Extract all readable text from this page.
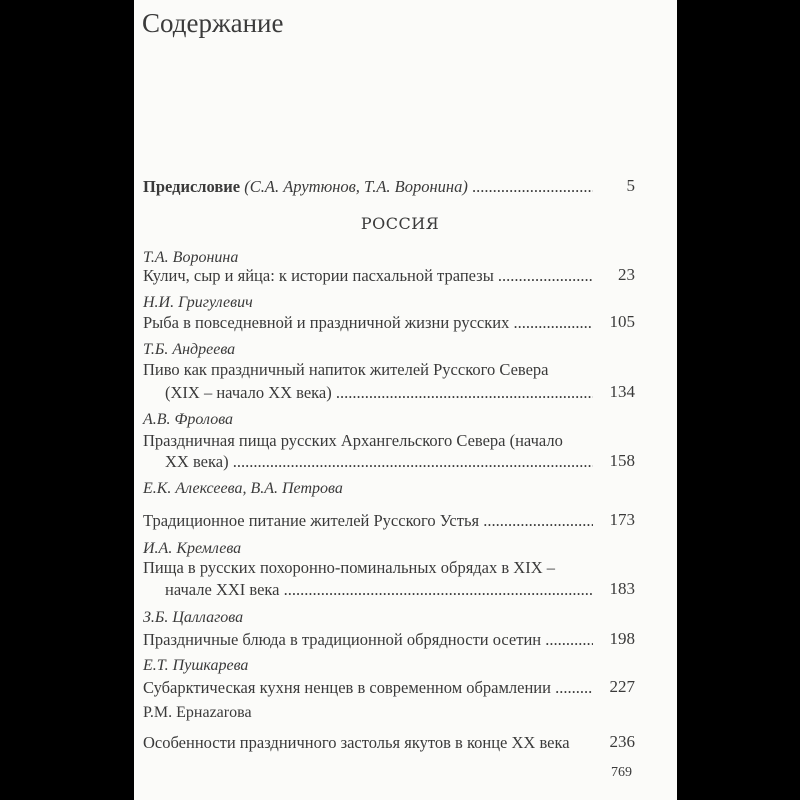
Содержание
Предисловие (С.А. Арутюнов, Т.А. Воронина) .....	5
РОССИЯ
Т.А. Воронина
Кулич, сыр и яйца: к истории пасхальной трапезы .....	23
Н.И. Григулевич
Рыба в повседневной и праздничной жизни русских .....	105
Т.Б. Андреева
Пиво как праздничный напиток жителей Русского Севера
(XIX – начало XX века) .....	134
А.В. Фролова
Праздничная пища русских Архангельского Севера (начало
XX века) .....	158
Е.К. Алексеева, В.А. Петрова
Традиционное питание жителей Русского Устья .....	173
И.А. Кремлева
Пища в русских похоронно-поминальных обрядах в XIX –
начале XXI века .....	183
З.Б. Цаллагова
Праздничные блюда в традиционной обрядности осетин .....	198
Е.Т. Пушкарева
Субарктическая кухня ненцев в современном обрамлении .....	227
Р.М. Ернazarова
Особенности праздничного застолья якутов в конце XX века	236
769
